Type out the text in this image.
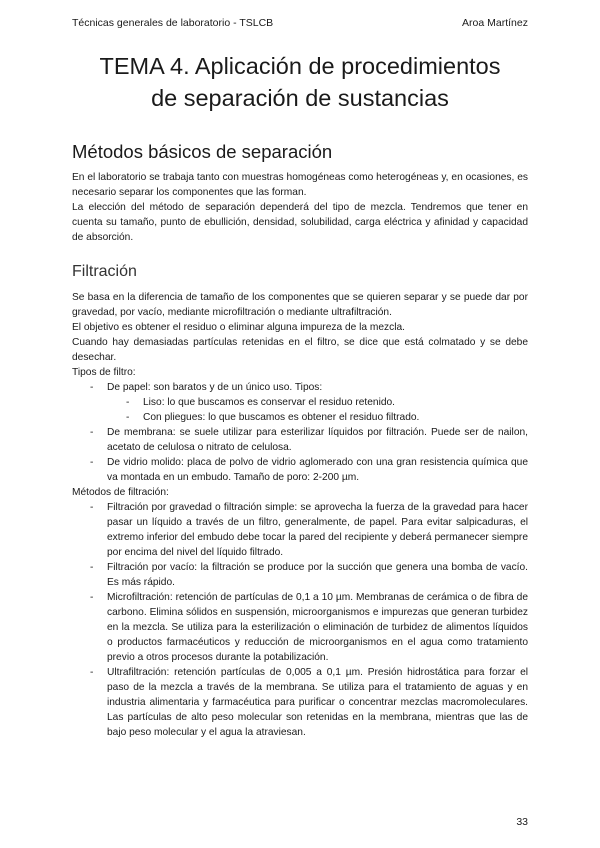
Técnicas generales de laboratorio - TSLCB	Aroa Martínez
TEMA 4. Aplicación de procedimientos
de separación de sustancias
Métodos básicos de separación

En el laboratorio se trabaja tanto con muestras homogéneas como heterogéneas y, en ocasiones, es necesario separar los componentes que las forman.

La elección del método de separación dependerá del tipo de mezcla. Tendremos que tener en cuenta su tamaño, punto de ebullición, densidad, solubilidad, carga eléctrica y afinidad y capacidad de absorción.

Filtración

Se basa en la diferencia de tamaño de los componentes que se quieren separar y se puede dar por gravedad, por vacío, mediante microfiltración o mediante ultrafiltración.

El objetivo es obtener el residuo o eliminar alguna impureza de la mezcla.

Cuando hay demasiadas partículas retenidas en el filtro, se dice que está colmatado y se debe desechar.

Tipos de filtro:

- De papel: son baratos y de un único uso. Tipos:
- Liso: lo que buscamos es conservar el residuo retenido.
- Con pliegues: lo que buscamos es obtener el residuo filtrado.
- De membrana: se suele utilizar para esterilizar líquidos por filtración. Puede ser de nailon, acetato de celulosa o nitrato de celulosa.
- De vidrio molido: placa de polvo de vidrio aglomerado con una gran resistencia química que va montada en un embudo. Tamaño de poro: 2-200 µm.

Métodos de filtración:

- Filtración por gravedad o filtración simple: se aprovecha la fuerza de la gravedad para hacer pasar un líquido a través de un filtro, generalmente, de papel. Para evitar salpicaduras, el extremo inferior del embudo debe tocar la pared del recipiente y deberá permanecer siempre por encima del nivel del líquido filtrado.
- Filtración por vacío: la filtración se produce por la succión que genera una bomba de vacío. Es más rápido.
- Microfiltración: retención de partículas de 0,1 a 10 µm. Membranas de cerámica o de fibra de carbono. Elimina sólidos en suspensión, microorganismos e impurezas que generan turbidez en la mezcla. Se utiliza para la esterilización o eliminación de turbidez de alimentos líquidos o productos farmacéuticos y reducción de microorganismos en el agua como tratamiento previo a otros procesos durante la potabilización.
- Ultrafiltración: retención partículas de 0,005 a 0,1 µm. Presión hidrostática para forzar el paso de la mezcla a través de la membrana. Se utiliza para el tratamiento de aguas y en industria alimentaria y farmacéutica para purificar o concentrar mezclas macromoleculares. Las partículas de alto peso molecular son retenidas en la membrana, mientras que las de bajo peso molecular y el agua la atraviesan.
33
